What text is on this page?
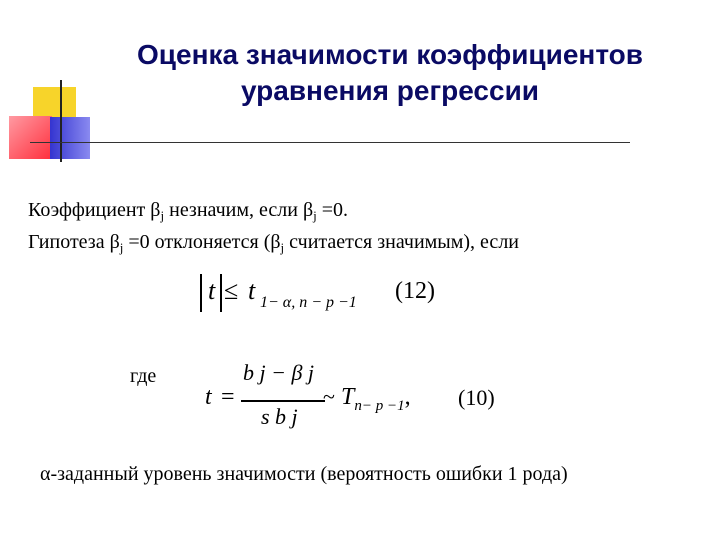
Оценка значимости коэффициентов
уравнения регрессии
Коэффициент $\beta_j$ незначим, если $\beta_j =0$.
Гипотеза $\beta_j =0$ отклоняется ($\beta_j$ считается значимым), если
t ≤ t 1− α, n − p −1 (12)
где
t =
b j − β j
s b j
~ $T_{n- p -1}$, (10)
α-заданный уровень значимости (вероятность ошибки 1 рода)
